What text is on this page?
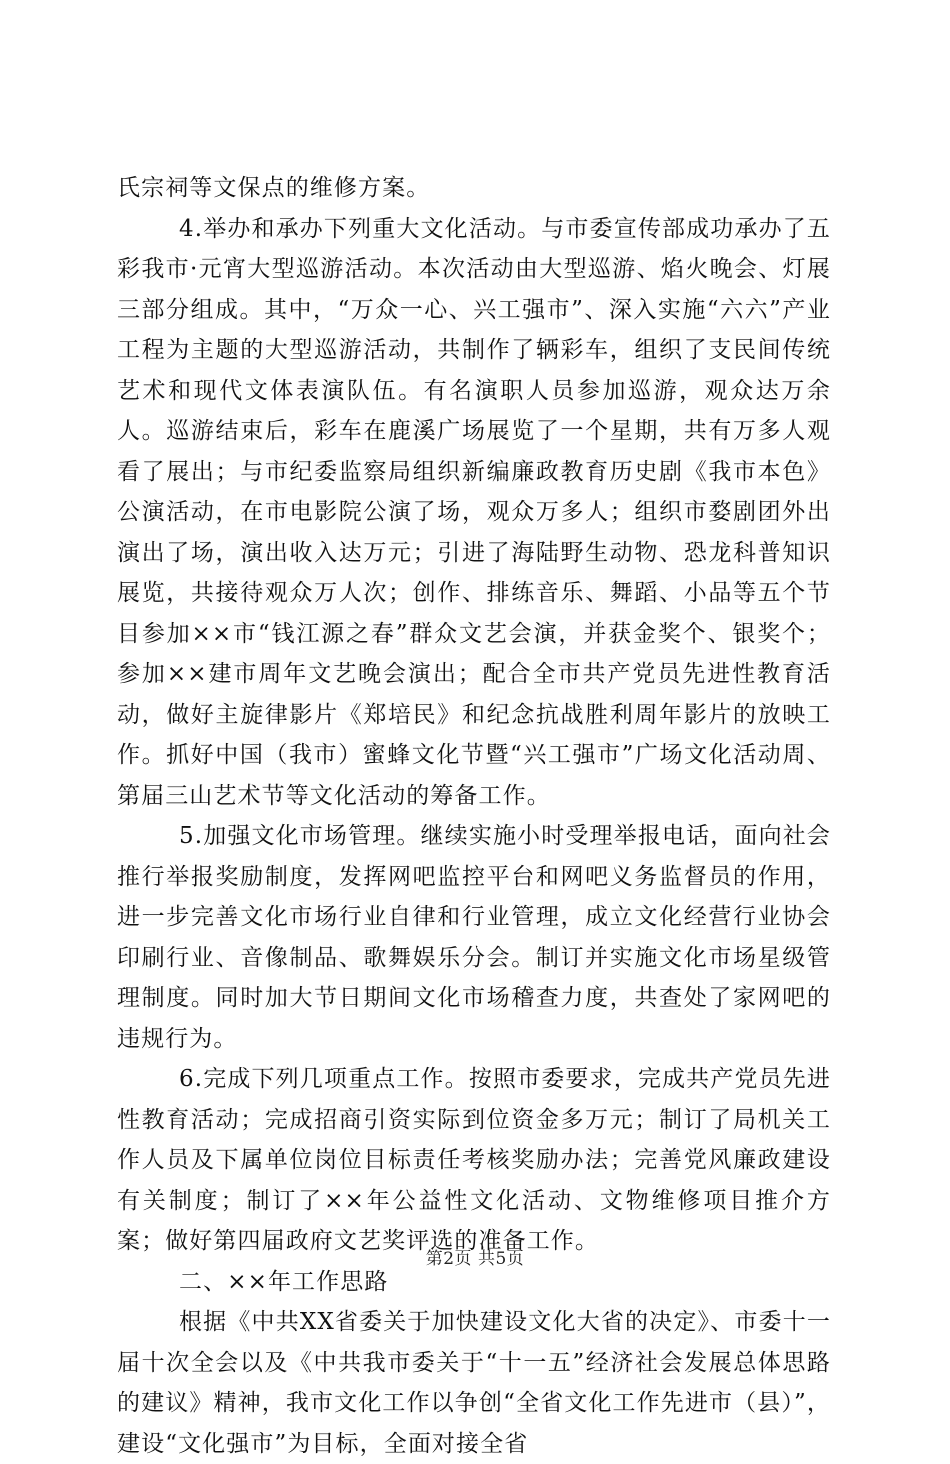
氏宗祠等文保点的维修方案。

4.举办和承办下列重大文化活动。与市委宣传部成功承办了五彩我市·元宵大型巡游活动。本次活动由大型巡游、焰火晚会、灯展三部分组成。其中，“万众一心、兴工强市”、深入实施“六六”产业工程为主题的大型巡游活动，共制作了辆彩车，组织了支民间传统艺术和现代文体表演队伍。有名演职人员参加巡游，观众达万余人。巡游结束后，彩车在鹿溪广场展览了一个星期，共有万多人观看了展出；与市纪委监察局组织新编廉政教育历史剧《我市本色》公演活动，在市电影院公演了场，观众万多人；组织市婺剧团外出演出了场，演出收入达万元；引进了海陆野生动物、恐龙科普知识展览，共接待观众万人次；创作、排练音乐、舞蹈、小品等五个节目参加××市“钱江源之春”群众文艺会演，并获金奖个、银奖个；参加××建市周年文艺晚会演出；配合全市共产党员先进性教育活动，做好主旋律影片《郑培民》和纪念抗战胜利周年影片的放映工作。抓好中国（我市）蜜蜂文化节暨“兴工强市”广场文化活动周、第届三山艺术节等文化活动的筹备工作。

5.加强文化市场管理。继续实施小时受理举报电话，面向社会推行举报奖励制度，发挥网吧监控平台和网吧义务监督员的作用，进一步完善文化市场行业自律和行业管理，成立文化经营行业协会印刷行业、音像制品、歌舞娱乐分会。制订并实施文化市场星级管理制度。同时加大节日期间文化市场稽查力度，共查处了家网吧的违规行为。

6.完成下列几项重点工作。按照市委要求，完成共产党员先进性教育活动；完成招商引资实际到位资金多万元；制订了局机关工作人员及下属单位岗位目标责任考核奖励办法；完善党风廉政建设有关制度；制订了××年公益性文化活动、文物维修项目推介方案；做好第四届政府文艺奖评选的准备工作。

二、××年工作思路

根据《中共XX省委关于加快建设文化大省的决定》、市委十一届十次全会以及《中共我市委关于“十一五”经济社会发展总体思路的建议》精神，我市文化工作以争创“全省文化工作先进市（县）”，建设“文化强市”为目标，全面对接全省

第2页 共5页
